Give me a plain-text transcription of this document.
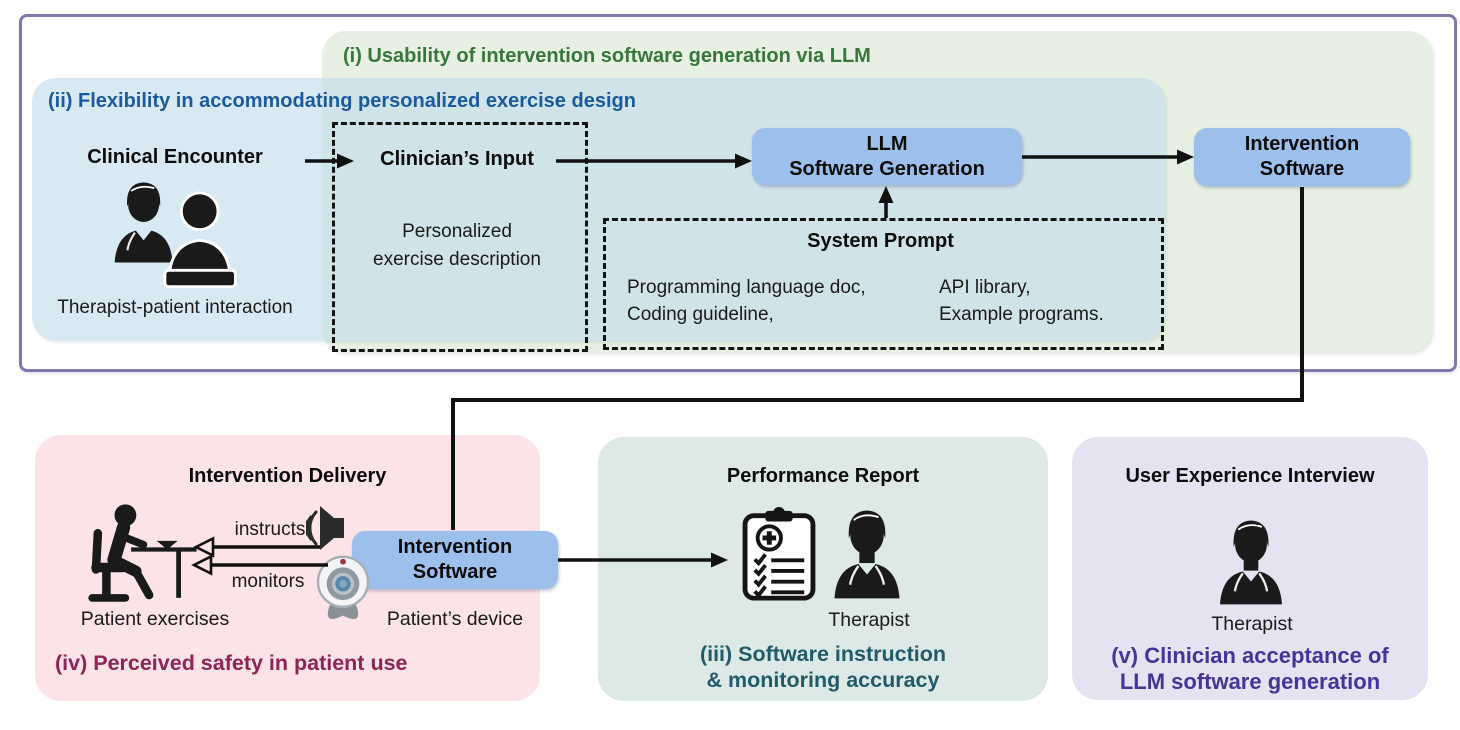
(i) Usability of intervention software generation via LLM
(ii) Flexibility in accommodating personalized exercise design
Clinical Encounter
Therapist-patient interaction
Clinician’s Input
Personalized
exercise description
System Prompt
Programming language doc,
Coding guideline,
API library,
Example programs.
LLM
Software Generation
Intervention
Software
Intervention Delivery
instructs
monitors
Intervention
Software
Patient exercises	Patient’s device
(iv) Perceived safety in patient use
Performance Report
Therapist
(iii) Software instruction
& monitoring accuracy
User Experience Interview
Therapist
(v) Clinician acceptance of
LLM software generation
